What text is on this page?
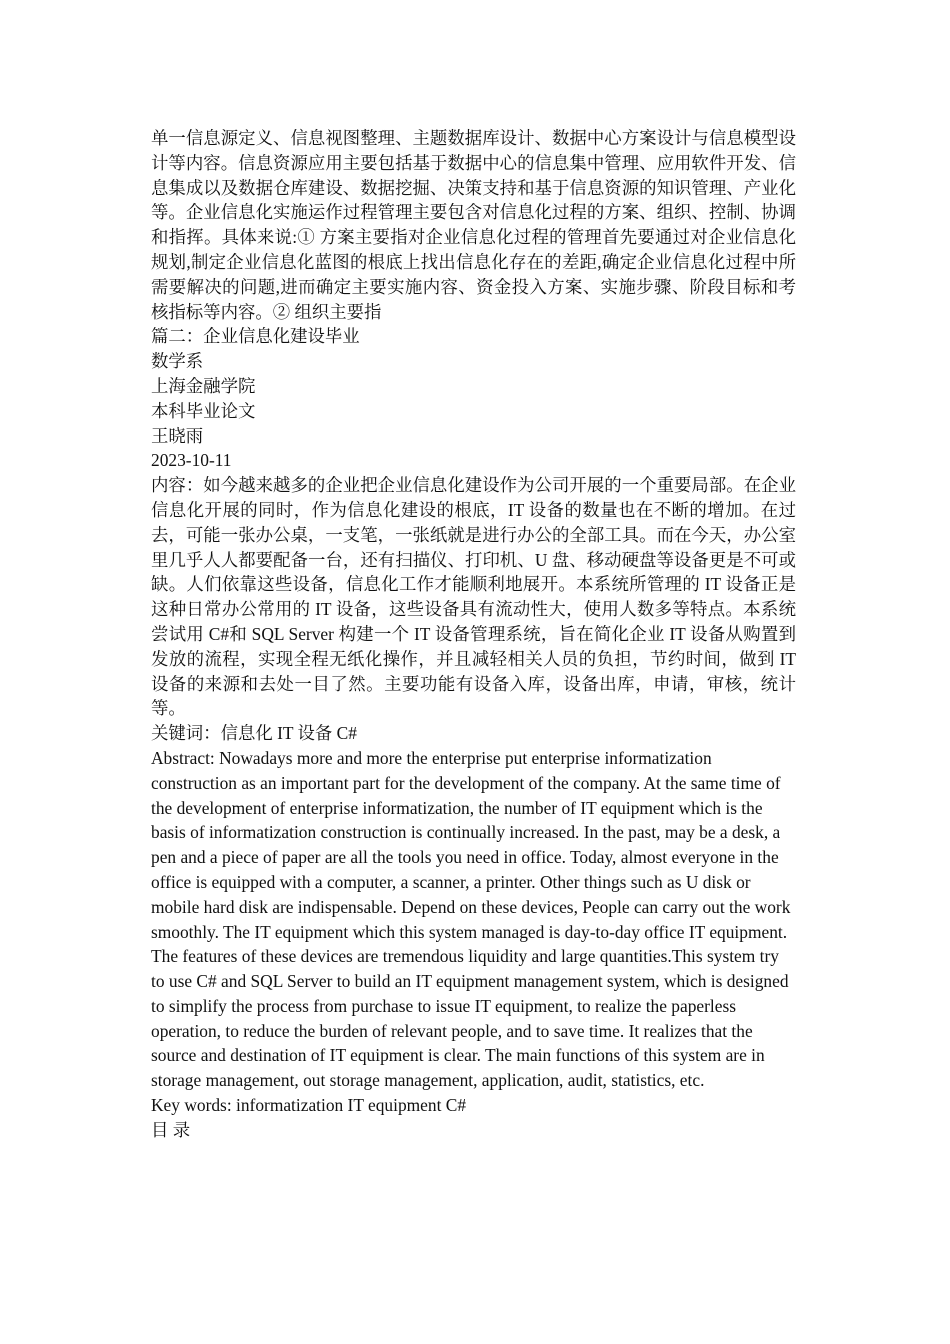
单一信息源定义、信息视图整理、主题数据库设计、数据中心方案设计与信息模型设计等内容。信息资源应用主要包括基于数据中心的信息集中管理、应用软件开发、信息集成以及数据仓库建设、数据挖掘、决策支持和基于信息资源的知识管理、产业化等。企业信息化实施运作过程管理主要包含对信息化过程的方案、组织、控制、协调和指挥。具体来说:① 方案主要指对企业信息化过程的管理首先要通过对企业信息化规划,制定企业信息化蓝图的根底上找出信息化存在的差距,确定企业信息化过程中所需要解决的问题,进而确定主要实施内容、资金投入方案、实施步骤、阶段目标和考核指标等内容。② 组织主要指

篇二：企业信息化建设毕业
数学系
上海金融学院
本科毕业论文
王晓雨
2023-10-11

内容：如今越来越多的企业把企业信息化建设作为公司开展的一个重要局部。在企业信息化开展的同时，作为信息化建设的根底，IT 设备的数量也在不断的增加。在过去，可能一张办公桌，一支笔，一张纸就是进行办公的全部工具。而在今天，办公室里几乎人人都要配备一台，还有扫描仪、打印机、U 盘、移动硬盘等设备更是不可或缺。人们依靠这些设备，信息化工作才能顺利地展开。本系统所管理的 IT 设备正是这种日常办公常用的 IT 设备，这些设备具有流动性大，使用人数多等特点。本系统尝试用 C#和 SQL Server 构建一个 IT 设备管理系统，旨在简化企业 IT 设备从购置到发放的流程，实现全程无纸化操作，并且减轻相关人员的负担，节约时间，做到 IT 设备的来源和去处一目了然。主要功能有设备入库，设备出库，申请，审核，统计等。

关键词：信息化 IT 设备 C#

Abstract: Nowadays more and more the enterprise put enterprise informatization construction as an important part for the development of the company. At the same time of the development of enterprise informatization, the number of IT equipment which is the basis of informatization construction is continually increased. In the past, may be a desk, a pen and a piece of paper are all the tools you need in office. Today, almost everyone in the office is equipped with a computer, a scanner, a printer. Other things such as U disk or mobile hard disk are indispensable. Depend on these devices, People can carry out the work smoothly. The IT equipment which this system managed is day-to-day office IT equipment. The features of these devices are tremendous liquidity and large quantities.This system try to use C# and SQL Server to build an IT equipment management system, which is designed to simplify the process from purchase to issue IT equipment, to realize the paperless operation, to reduce the burden of relevant people, and to save time. It realizes that the source and destination of IT equipment is clear. The main functions of this system are in storage management, out storage management, application, audit, statistics, etc.

Key words: informatization IT equipment C#
目 录
